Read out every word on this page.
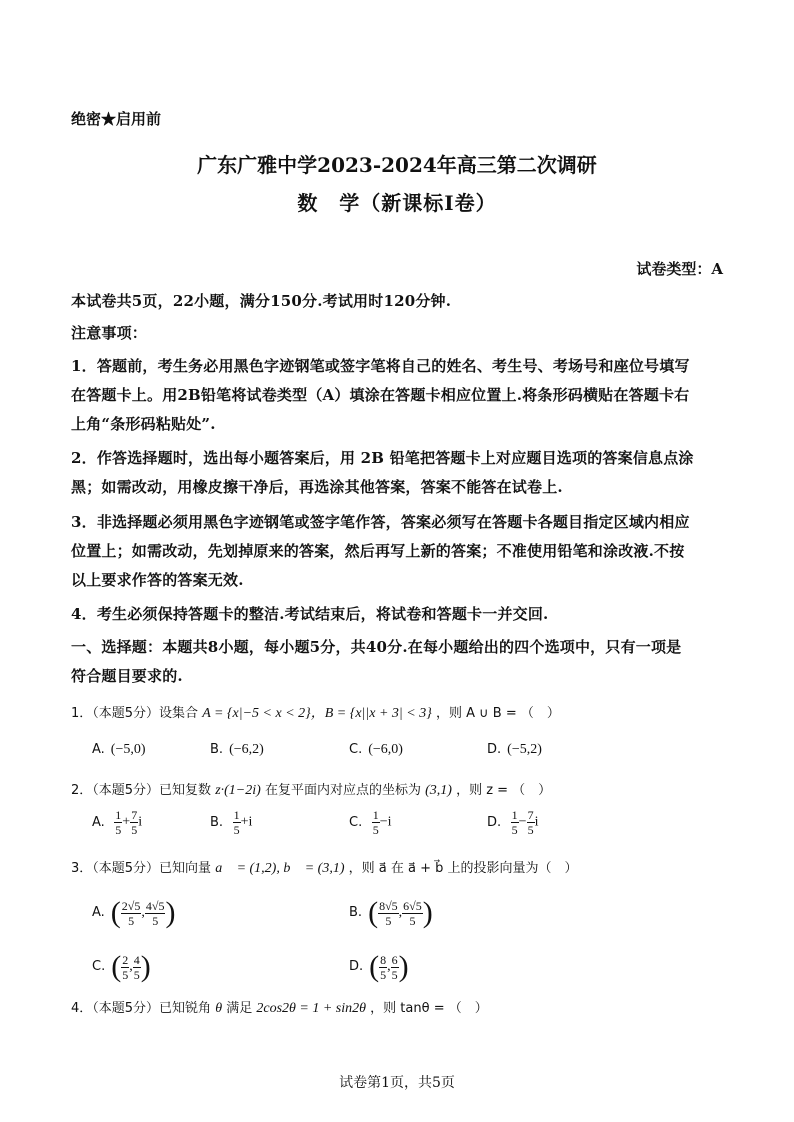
绝密★启用前
广东广雅中学2023-2024年高三第二次调研
数　学（新课标I卷）
试卷类型：A
本试卷共5页，22小题，满分150分.考试用时120分钟.
注意事项：
1．答题前，考生务必用黑色字迹钢笔或签字笔将自己的姓名、考生号、考场号和座位号填写
在答题卡上。用2B铅笔将试卷类型（A）填涂在答题卡相应位置上.将条形码横贴在答题卡右
上角“条形码粘贴处”.
2．作答选择题时，选出每小题答案后，用 2B 铅笔把答题卡上对应题目选项的答案信息点涂
黑；如需改动，用橡皮擦干净后，再选涂其他答案，答案不能答在试卷上.
3．非选择题必须用黑色字迹钢笔或签字笔作答，答案必须写在答题卡各题目指定区域内相应
位置上；如需改动，先划掉原来的答案，然后再写上新的答案；不准使用铅笔和涂改液.不按
以上要求作答的答案无效.
4．考生必须保持答题卡的整洁.考试结束后，将试卷和答题卡一并交回.
一、选择题：本题共8小题，每小题5分，共40分.在每小题给出的四个选项中，只有一项是
符合题目要求的.
1．（本题5分）设集合 A = {x|−5 < x < 2}，B = {x||x + 3| < 3} ，则 A ∪ B = （　）
A. (−5,0)	B. (−6,2)	C. (−6,0)	D. (−5,2)
2．（本题5分）已知复数 z·(1−2i) 在复平面内对应点的坐标为 (3,1) ，则 z = （　）
A. $\frac{1}{5} + \frac{7}{5}$ i	B. $\frac{1}{5} +i$	C. $\frac{1}{5} -i$	D. $\frac{1}{5} - \frac{7}{5}$ i
3．（本题5分）已知向量 a⃗ = (1,2), b⃗ = (3,1) ，则 a⃗ 在 a⃗ + b⃗ 上的投影向量为（　）
A. ( $\frac{2√5}{5}$ , $\frac{4√5}{5}$ )	B. ( $\frac{8√5}{5}$ , $\frac{6√5}{5}$ )
C. ( $\frac{2}{5}$ , $\frac{4}{5}$ )	D. ( $\frac{8}{5}$ , $\frac{6}{5}$ )
4．（本题5分）已知锐角 θ 满足 2cos2θ = 1 + sin2θ ，则 tanθ = （　）
试卷第1页，共5页
